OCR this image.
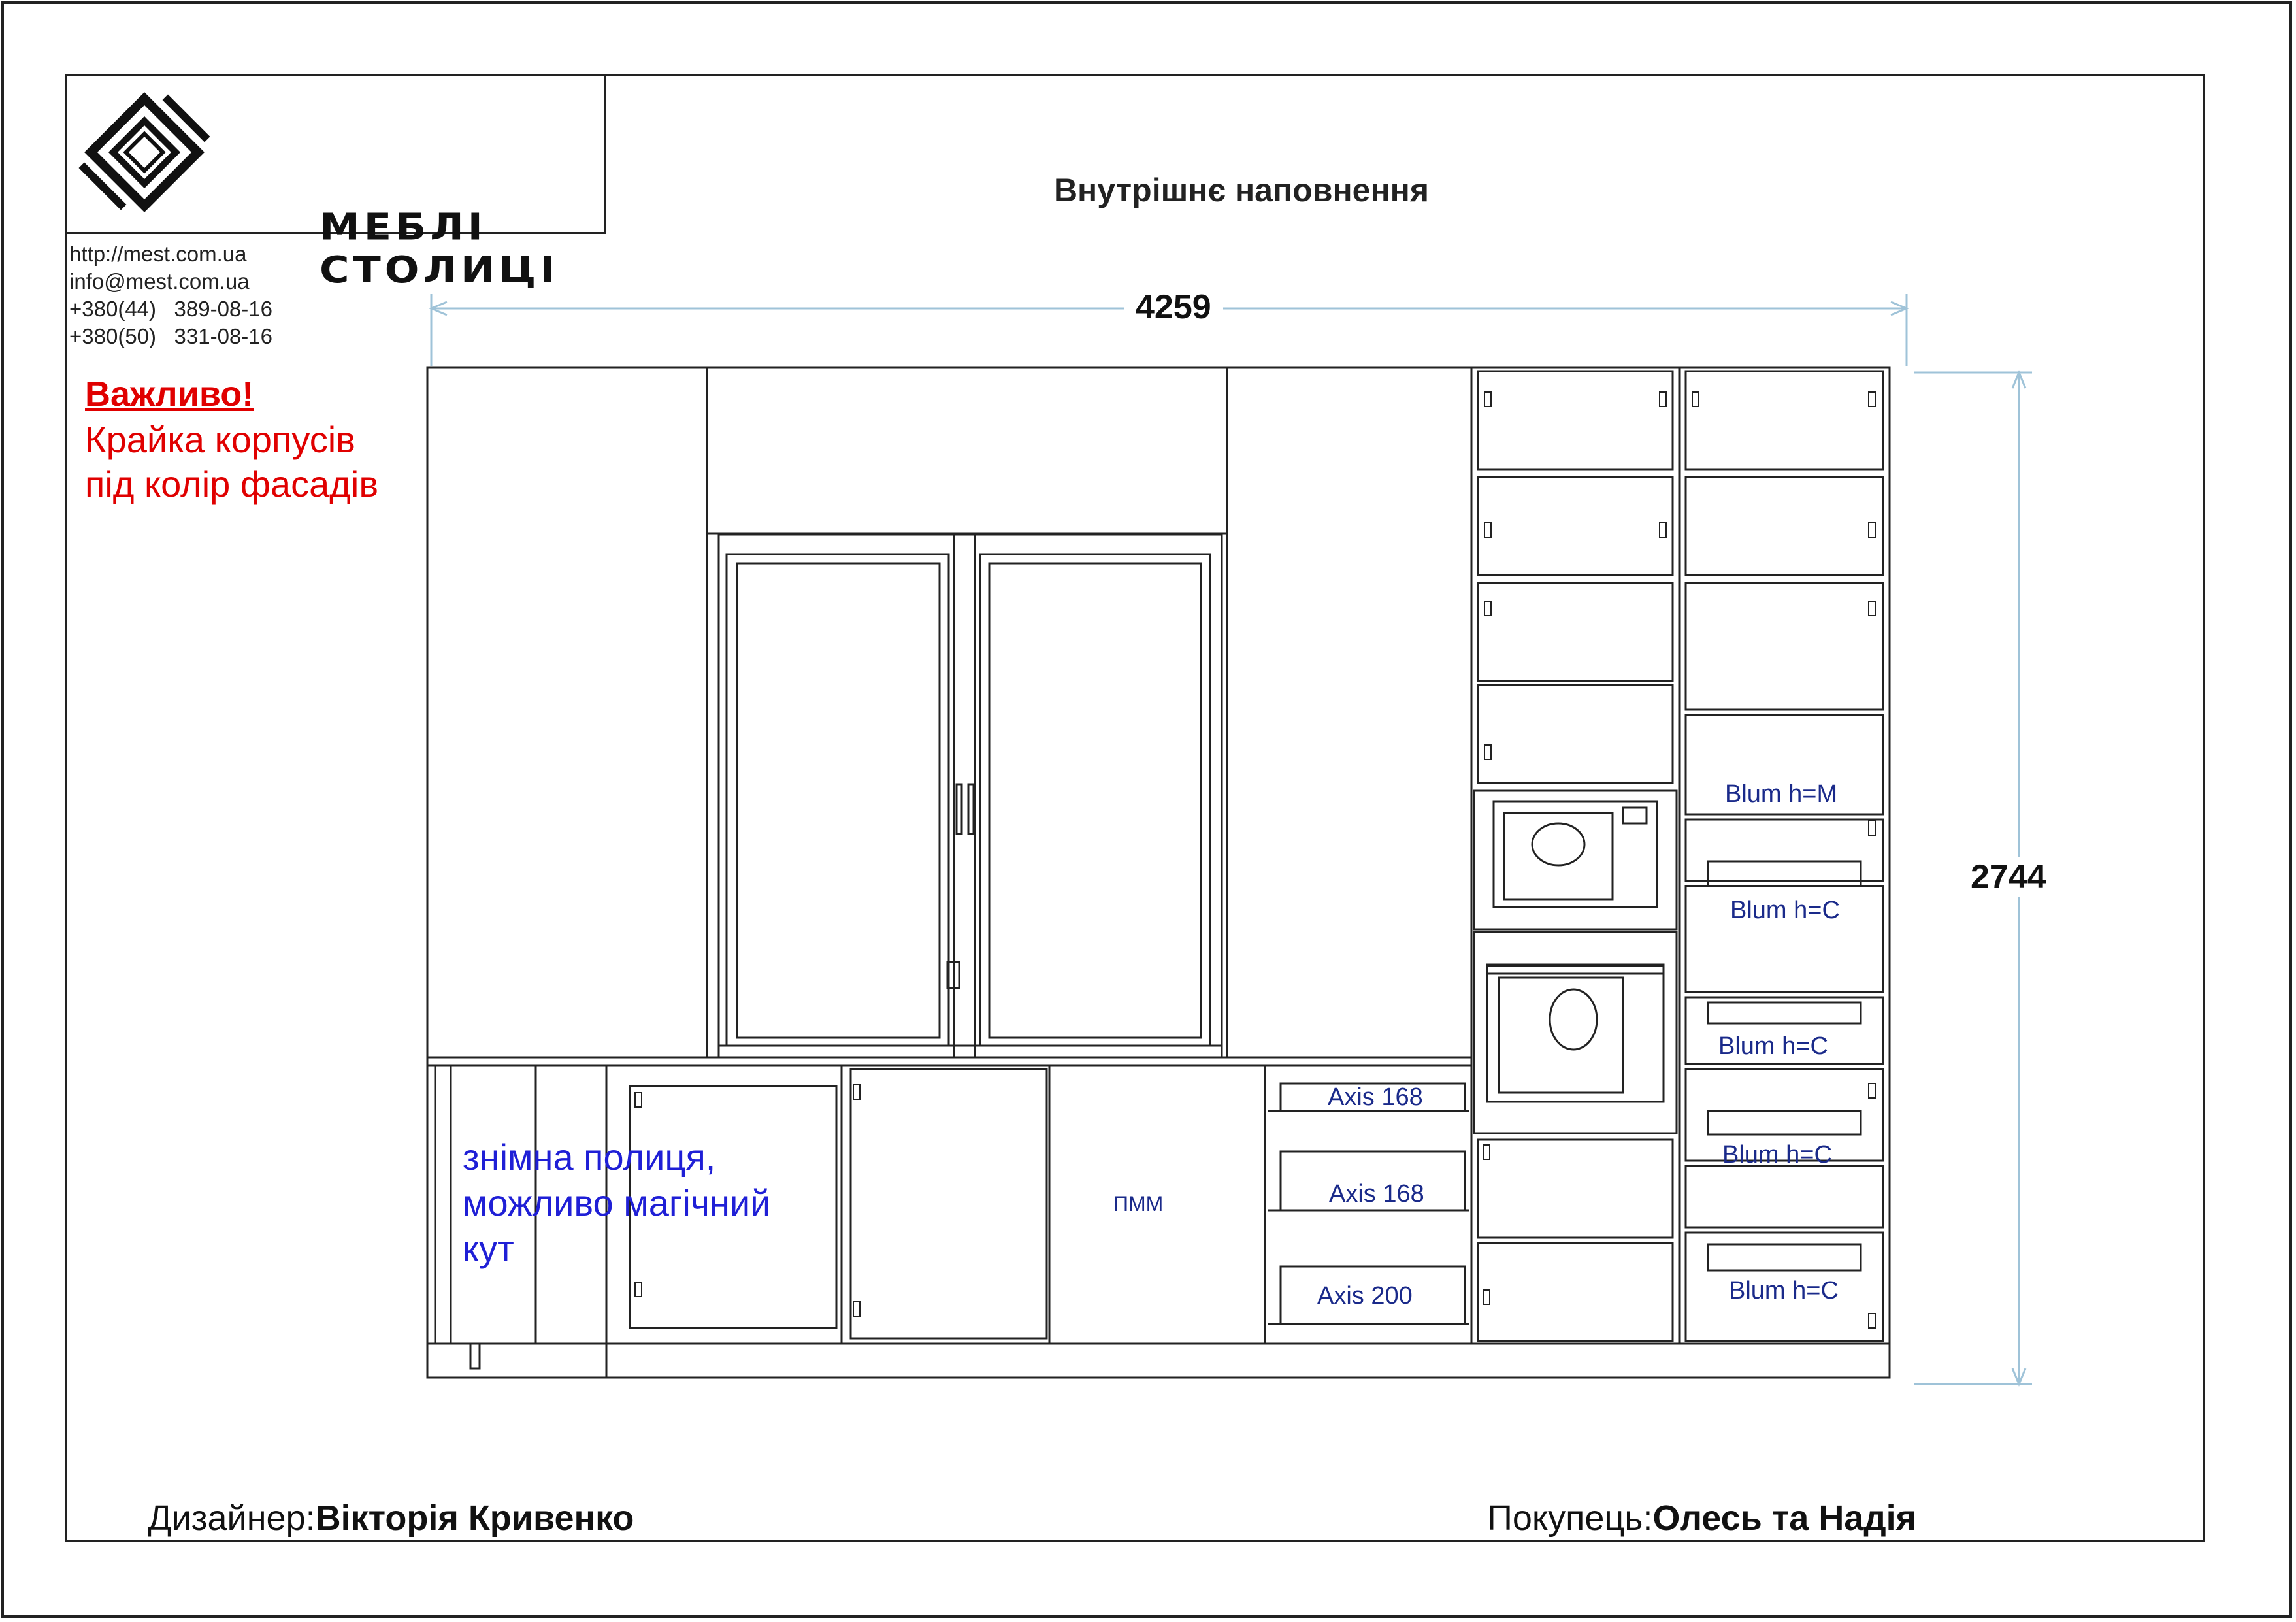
МЕБЛІ СТОЛИЦІ
http://mest.com.ua
info@mest.com.ua
+380(44)   389-08-16
+380(50)   331-08-16
Внутрішнє наповнення
Важливо!
Крайка корпусів
під колір фасадів
4259
2744
знімна полиця,
можливо магічний
кут
ПММ
Axis 168
Axis 168
Axis 200
Blum h=M
Blum h=C
Blum h=C
Blum h=C
Blum h=C
Дизайнер:Вікторія Кривенко	Покупець:Олесь та Надія
